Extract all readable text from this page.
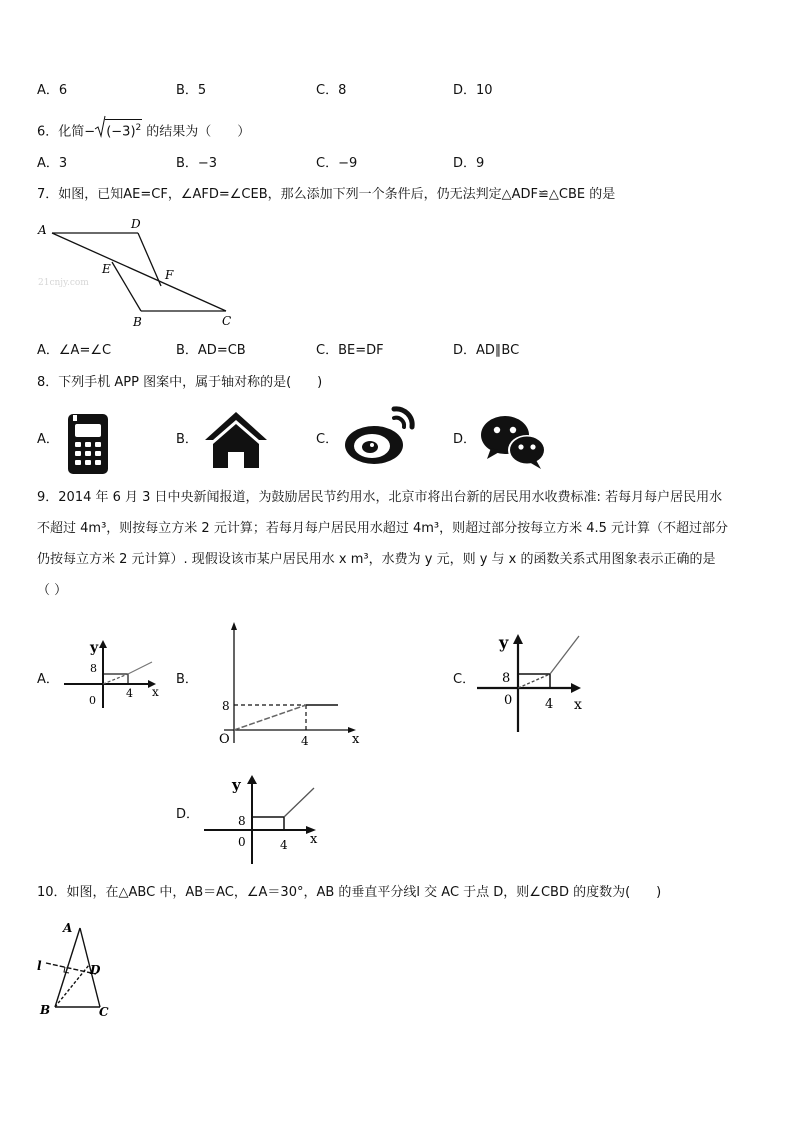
A．6	B．5	C．8	D．10
6．化简− $(-3)^2$ 的结果为（　　）
A．3	B．−3	C．−9	D．9
7．如图，已知AE=CF，∠AFD=∠CEB，那么添加下列一个条件后，仍无法判定△ADF≌△CBE 的是
A	D
E	F
B	C
21cnjy.com
A．∠A=∠C	B．AD=CB	C．BE=DF	D．AD∥BC
8．下列手机 APP 图案中，属于轴对称的是(　　)
A．	B．	C．	D．
9．2014 年 6 月 3 日中央新闻报道，为鼓励居民节约用水，北京市将出台新的居民用水收费标准: 若每月每户居民用水
不超过 4m³，则按每立方米 2 元计算；若每月每户居民用水超过 4m³，则超过部分按每立方米 4.5 元计算（不超过部分
仍按每立方米 2 元计算）. 现假设该市某户居民用水 x m³，水费为 y 元，则 y 与 x 的函数关系式用图象表示正确的是
（ ）
A．
y
x
8
0
4
B．
8
O	4	x
C．
y
x
8
0	4
D．
y
x
8
0	4
10．如图，在△ABC 中，AB＝AC，∠A＝30°，AB 的垂直平分线l 交 AC 于点 D，则∠CBD 的度数为(　　)
A
l	D
B	C
